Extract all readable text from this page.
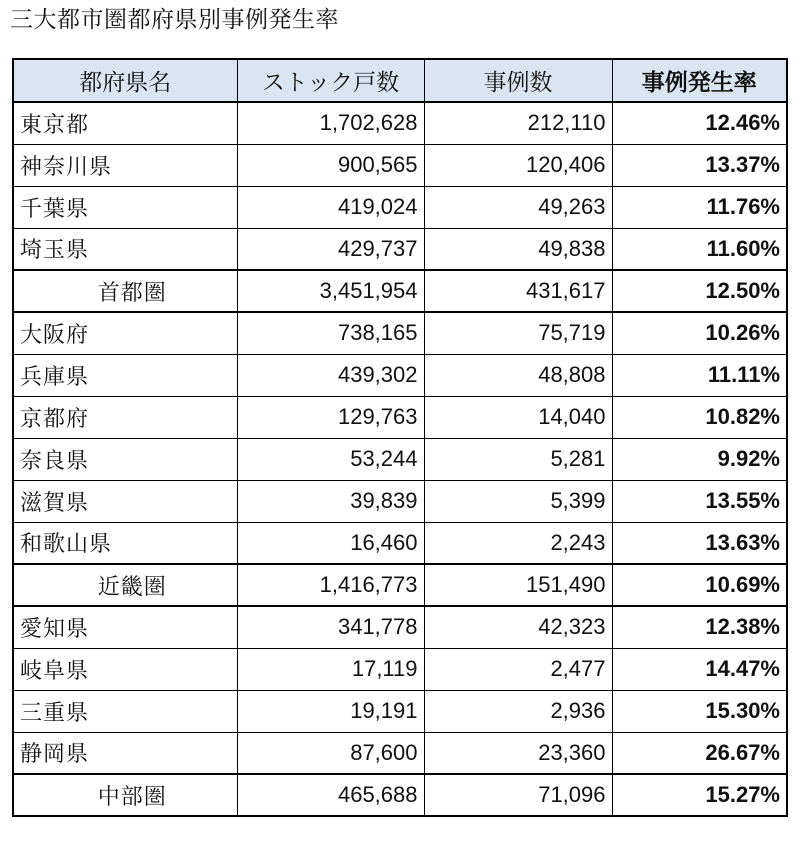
三大都市圏都府県別事例発生率
都府県名	ストック戸数	事例数	事例発生率
東京都	1,702,628	212,110	12.46%
神奈川県	900,565	120,406	13.37%
千葉県	419,024	49,263	11.76%
埼玉県	429,737	49,838	11.60%
首都圏	3,451,954	431,617	12.50%
大阪府	738,165	75,719	10.26%
兵庫県	439,302	48,808	11.11%
京都府	129,763	14,040	10.82%
奈良県	53,244	5,281	9.92%
滋賀県	39,839	5,399	13.55%
和歌山県	16,460	2,243	13.63%
近畿圏	1,416,773	151,490	10.69%
愛知県	341,778	42,323	12.38%
岐阜県	17,119	2,477	14.47%
三重県	19,191	2,936	15.30%
静岡県	87,600	23,360	26.67%
中部圏	465,688	71,096	15.27%
